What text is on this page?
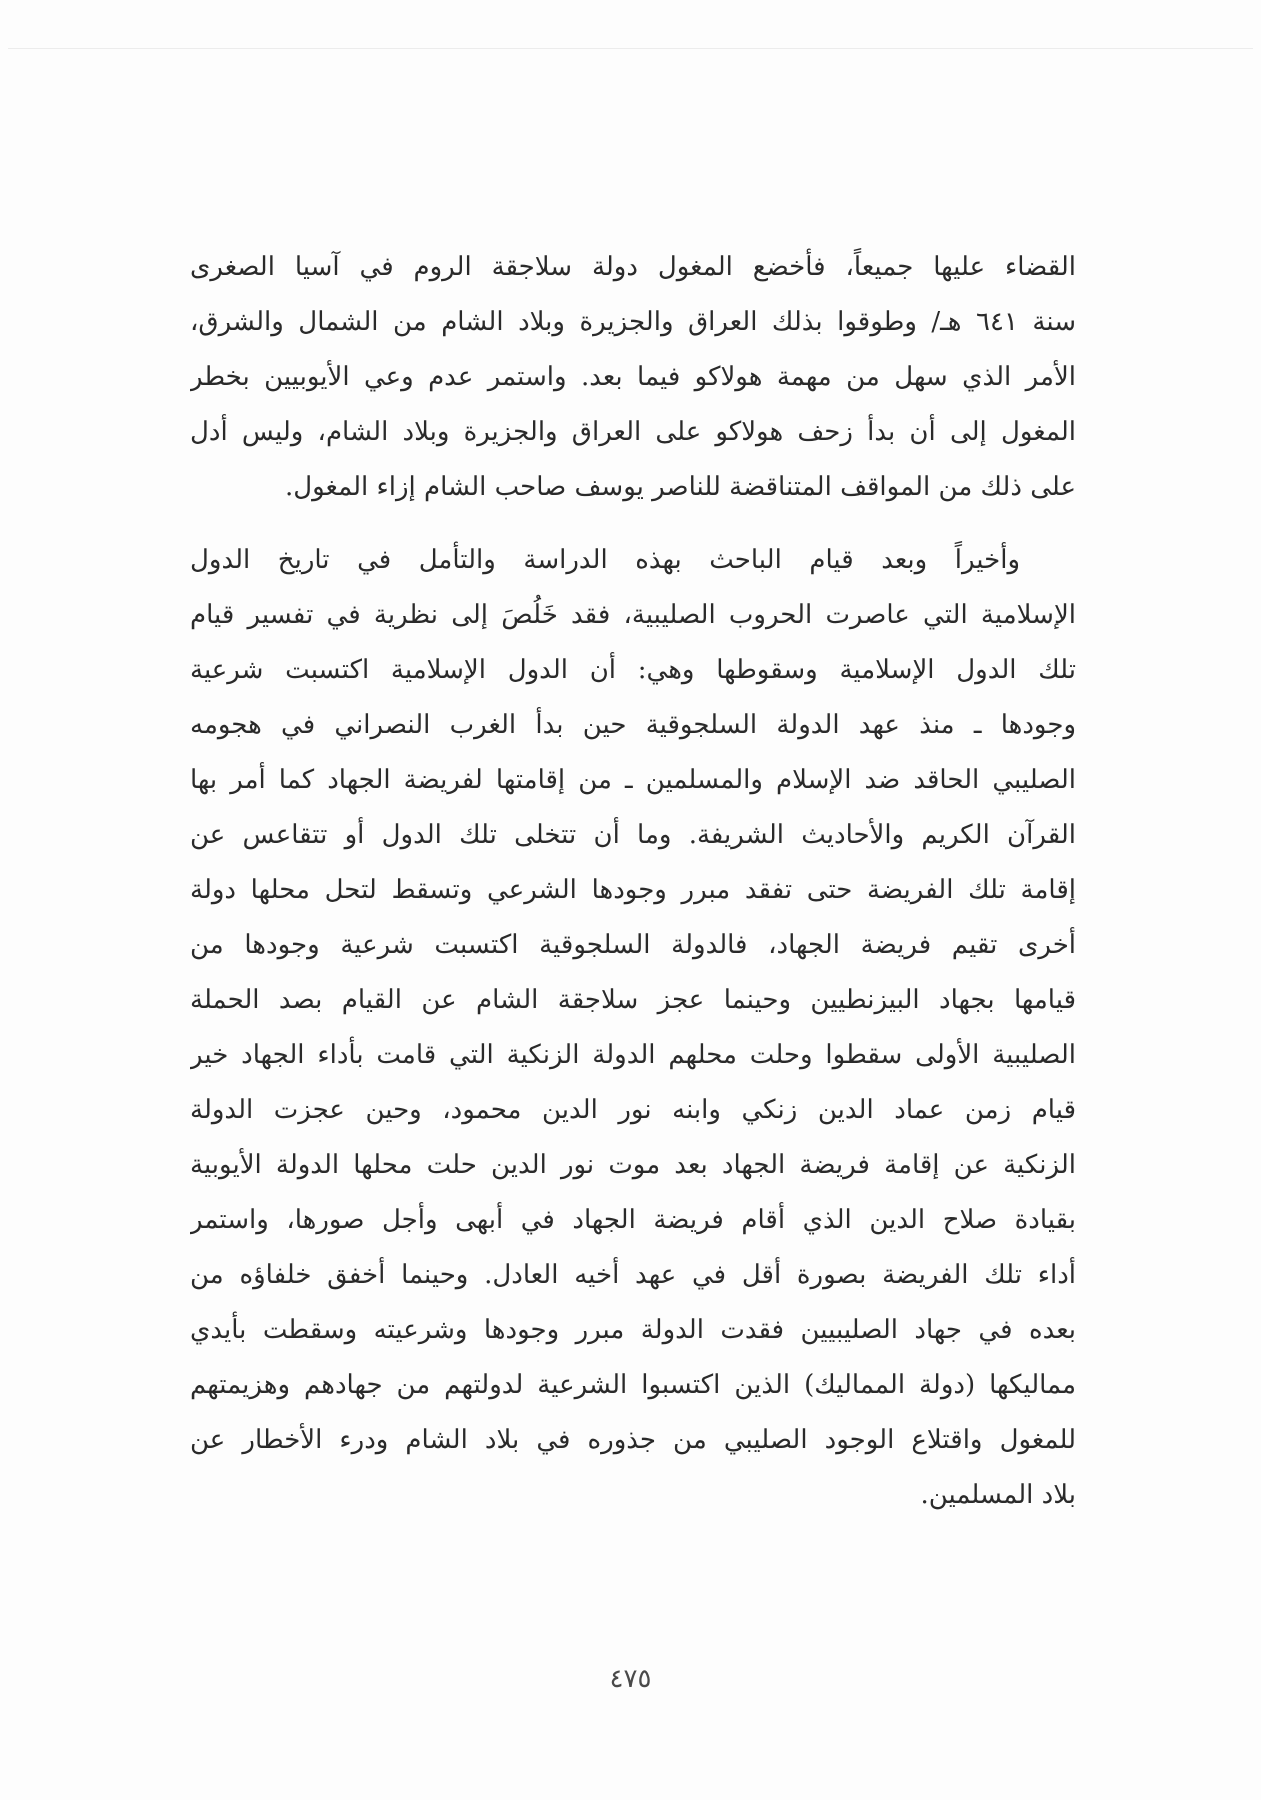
القضاء عليها جميعاً، فأخضع المغول دولة سلاجقة الروم في آسيا الصغرى
سنة ٦٤١ هـ/ وطوقوا بذلك العراق والجزيرة وبلاد الشام من الشمال والشرق،
الأمر الذي سهل من مهمة هولاكو فيما بعد. واستمر عدم وعي الأيوبيين بخطر
المغول إلى أن بدأ زحف هولاكو على العراق والجزيرة وبلاد الشام، وليس أدل
على ذلك من المواقف المتناقضة للناصر يوسف صاحب الشام إزاء المغول.
وأخيراً وبعد قيام الباحث بهذه الدراسة والتأمل في تاريخ الدول
الإسلامية التي عاصرت الحروب الصليبية، فقد خَلُصَ إلى نظرية في تفسير قيام
تلك الدول الإسلامية وسقوطها وهي: أن الدول الإسلامية اكتسبت شرعية
وجودها ـ منذ عهد الدولة السلجوقية حين بدأ الغرب النصراني في هجومه
الصليبي الحاقد ضد الإسلام والمسلمين ـ من إقامتها لفريضة الجهاد كما أمر بها
القرآن الكريم والأحاديث الشريفة. وما أن تتخلى تلك الدول أو تتقاعس عن
إقامة تلك الفريضة حتى تفقد مبرر وجودها الشرعي وتسقط لتحل محلها دولة
أخرى تقيم فريضة الجهاد، فالدولة السلجوقية اكتسبت شرعية وجودها من
قيامها بجهاد البيزنطيين وحينما عجز سلاجقة الشام عن القيام بصد الحملة
الصليبية الأولى سقطوا وحلت محلهم الدولة الزنكية التي قامت بأداء الجهاد خير
قيام زمن عماد الدين زنكي وابنه نور الدين محمود، وحين عجزت الدولة
الزنكية عن إقامة فريضة الجهاد بعد موت نور الدين حلت محلها الدولة الأيوبية
بقيادة صلاح الدين الذي أقام فريضة الجهاد في أبهى وأجل صورها، واستمر
أداء تلك الفريضة بصورة أقل في عهد أخيه العادل. وحينما أخفق خلفاؤه من
بعده في جهاد الصليبيين فقدت الدولة مبرر وجودها وشرعيته وسقطت بأيدي
مماليكها (دولة المماليك) الذين اكتسبوا الشرعية لدولتهم من جهادهم وهزيمتهم
للمغول واقتلاع الوجود الصليبي من جذوره في بلاد الشام ودرء الأخطار عن
بلاد المسلمين.
٤٧٥
